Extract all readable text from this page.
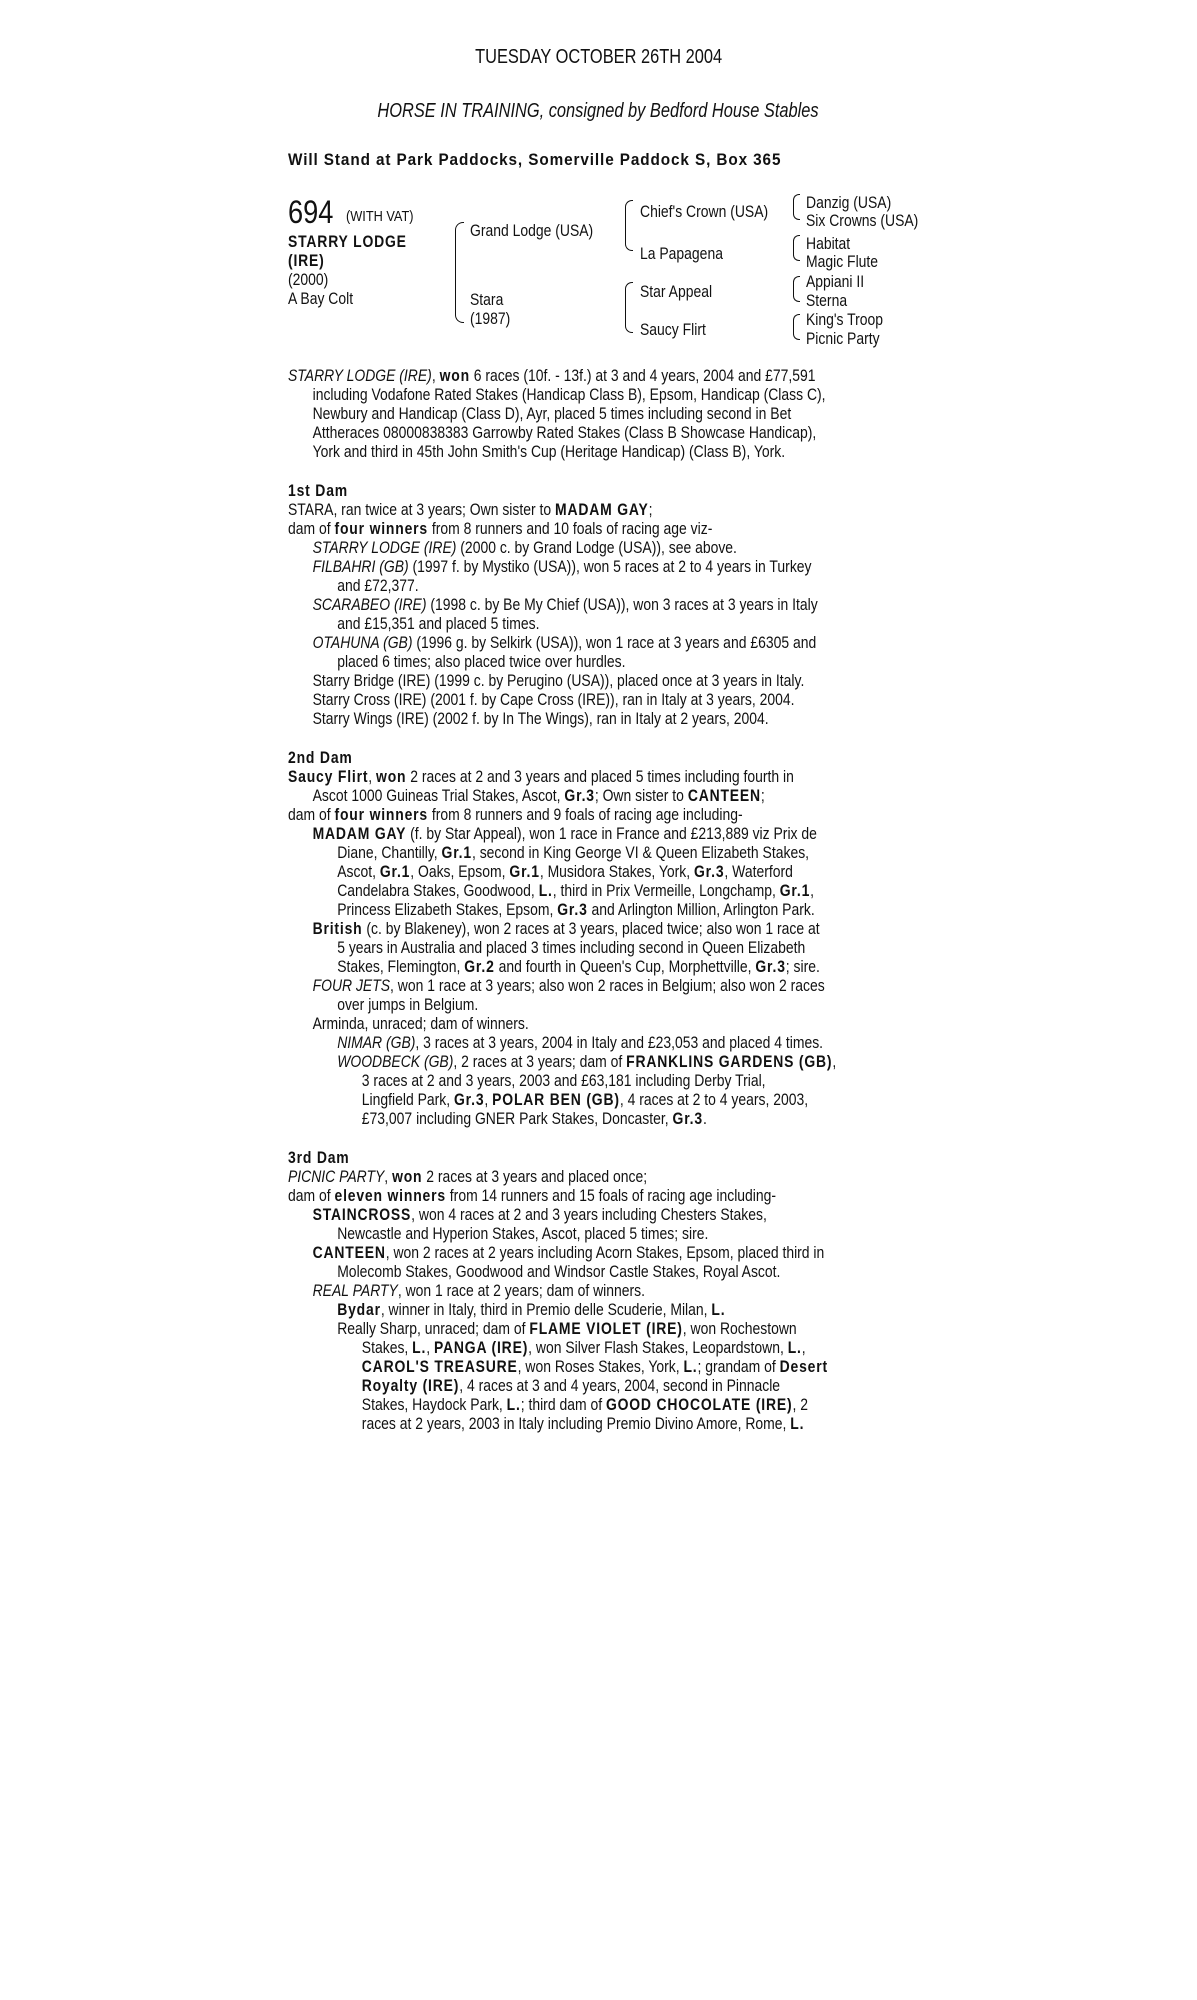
TUESDAY OCTOBER 26TH 2004
HORSE IN TRAINING, consigned by Bedford House Stables
Will Stand at Park Paddocks, Somerville Paddock S, Box 365
694 (WITH VAT)
STARRY LODGE
(IRE)
(2000)
A Bay Colt
Grand Lodge (USA)
Stara
(1987)
Chief's Crown (USA)
La Papagena
Star Appeal
Saucy Flirt
Danzig (USA)
Six Crowns (USA)
Habitat
Magic Flute
Appiani II
Sterna
King's Troop
Picnic Party

STARRY LODGE (IRE), won 6 races (10f. - 13f.) at 3 and 4 years, 2004 and £77,591

including Vodafone Rated Stakes (Handicap Class B), Epsom, Handicap (Class C),

Newbury and Handicap (Class D), Ayr, placed 5 times including second in Bet

Attheraces 08000838383 Garrowby Rated Stakes (Class B Showcase Handicap),

York and third in 45th John Smith's Cup (Heritage Handicap) (Class B), York.

1st Dam

STARA, ran twice at 3 years; Own sister to MADAM GAY;

dam of four winners from 8 runners and 10 foals of racing age viz-

STARRY LODGE (IRE) (2000 c. by Grand Lodge (USA)), see above.

FILBAHRI (GB) (1997 f. by Mystiko (USA)), won 5 races at 2 to 4 years in Turkey

and £72,377.

SCARABEO (IRE) (1998 c. by Be My Chief (USA)), won 3 races at 3 years in Italy

and £15,351 and placed 5 times.

OTAHUNA (GB) (1996 g. by Selkirk (USA)), won 1 race at 3 years and £6305 and

placed 6 times; also placed twice over hurdles.

Starry Bridge (IRE) (1999 c. by Perugino (USA)), placed once at 3 years in Italy.

Starry Cross (IRE) (2001 f. by Cape Cross (IRE)), ran in Italy at 3 years, 2004.

Starry Wings (IRE) (2002 f. by In The Wings), ran in Italy at 2 years, 2004.

2nd Dam

Saucy Flirt, won 2 races at 2 and 3 years and placed 5 times including fourth in

Ascot 1000 Guineas Trial Stakes, Ascot, Gr.3; Own sister to CANTEEN;

dam of four winners from 8 runners and 9 foals of racing age including-

MADAM GAY (f. by Star Appeal), won 1 race in France and £213,889 viz Prix de

Diane, Chantilly, Gr.1, second in King George VI & Queen Elizabeth Stakes,

Ascot, Gr.1, Oaks, Epsom, Gr.1, Musidora Stakes, York, Gr.3, Waterford

Candelabra Stakes, Goodwood, L., third in Prix Vermeille, Longchamp, Gr.1,

Princess Elizabeth Stakes, Epsom, Gr.3 and Arlington Million, Arlington Park.

British (c. by Blakeney), won 2 races at 3 years, placed twice; also won 1 race at

5 years in Australia and placed 3 times including second in Queen Elizabeth

Stakes, Flemington, Gr.2 and fourth in Queen's Cup, Morphettville, Gr.3; sire.

FOUR JETS, won 1 race at 3 years; also won 2 races in Belgium; also won 2 races

over jumps in Belgium.

Arminda, unraced; dam of winners.

NIMAR (GB), 3 races at 3 years, 2004 in Italy and £23,053 and placed 4 times.

WOODBECK (GB), 2 races at 3 years; dam of FRANKLINS GARDENS (GB),

3 races at 2 and 3 years, 2003 and £63,181 including Derby Trial,

Lingfield Park, Gr.3, POLAR BEN (GB), 4 races at 2 to 4 years, 2003,

£73,007 including GNER Park Stakes, Doncaster, Gr.3.

3rd Dam

PICNIC PARTY, won 2 races at 3 years and placed once;

dam of eleven winners from 14 runners and 15 foals of racing age including-

STAINCROSS, won 4 races at 2 and 3 years including Chesters Stakes,

Newcastle and Hyperion Stakes, Ascot, placed 5 times; sire.

CANTEEN, won 2 races at 2 years including Acorn Stakes, Epsom, placed third in

Molecomb Stakes, Goodwood and Windsor Castle Stakes, Royal Ascot.

REAL PARTY, won 1 race at 2 years; dam of winners.

Bydar, winner in Italy, third in Premio delle Scuderie, Milan, L.

Really Sharp, unraced; dam of FLAME VIOLET (IRE), won Rochestown

Stakes, L., PANGA (IRE), won Silver Flash Stakes, Leopardstown, L.,

CAROL'S TREASURE, won Roses Stakes, York, L.; grandam of Desert

Royalty (IRE), 4 races at 3 and 4 years, 2004, second in Pinnacle

Stakes, Haydock Park, L.; third dam of GOOD CHOCOLATE (IRE), 2

races at 2 years, 2003 in Italy including Premio Divino Amore, Rome, L.
